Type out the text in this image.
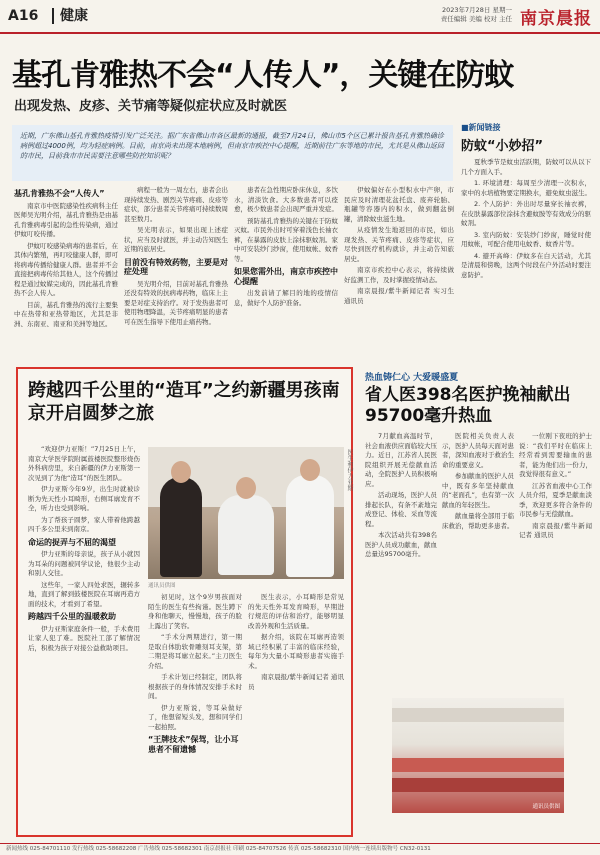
A16	健康	2023年7月28日 星期一
责任编辑 美编 校对 主任 南京晨报
基孔肯雅热不会“人传人”，关键在防蚊
出现发热、皮疹、关节痛等疑似症状应及时就医
近期，广东佛山基孔肯雅热疫情引发广泛关注。据广东省佛山市各区最新的通报，截至7月24日，佛山市5个区已累计报告基孔肯雅热确诊病例超过4000例，均为轻症病例。目前，南京尚未出现本地病例，但南京市疾控中心提醒，近期前往广东等地的市民，尤其是从佛山返回的市民，目前我市市民需要注意哪些防控知识呢？
基孔肯雅热不会“人传人”

南京市中医院感染性疾病科主任医师吴光明介绍，基孔肯雅热是由基孔肯雅病毒引起的急性传染病，通过伊蚊叮咬传播。

伊蚊叮咬感染病毒的患者后，在其体内繁殖，再叮咬健康人群，即可将病毒传播给健康人群。患者并不会直接把病毒传给其他人，这个传播过程是通过蚊媒完成的，因此基孔肯雅热不会人传人。

目前，基孔肯雅热的流行主要集中在热带和亚热带地区，尤其是非洲、东南亚、南亚和美洲等地区。

病程一般为一周左右，患者会出现持续发热、剧烈关节疼痛、皮疹等症状，部分患者关节疼痛可持续数周甚至数月。

吴光明表示，如果出现上述症状，应当及时就医，并主动告知医生近期的旅居史。

目前没有特效药物，主要是对症处理

吴光明介绍，目前对基孔肯雅热还没有特效的抗病毒药物，临床上主要是对症支持治疗。对于发热患者可使用物理降温，关节疼痛明显的患者可在医生指导下使用止痛药物。

患者在急性期应卧床休息，多饮水，清淡饮食。大多数患者可以痊愈，极少数患者会出现严重并发症。

预防基孔肯雅热的关键在于防蚊灭蚊。市民外出时可穿着浅色长袖衣裤，在暴露的皮肤上涂抹驱蚊剂。家中可安装纱门纱窗，使用蚊帐、蚊香等。

如果您需外出，南京市疾控中心提醒

出发前请了解目的地的疫情信息，做好个人防护准备。

伊蚊偏好在小型积水中产卵，市民应及时清理花盆托盘、废弃轮胎、瓶罐等容器内的积水，做到翻盆倒罐，清除蚊虫滋生地。

从疫情发生地返回的市民，如出现发热、关节疼痛、皮疹等症状，应尽快到医疗机构就诊，并主动告知旅居史。

南京市疾控中心表示，将持续做好监测工作，及时掌握疫情动态。

南京晨报/紫牛新闻记者 实习生 通讯员

■新闻链接
防蚊“小妙招”

夏秋季节是蚊虫活跃期，防蚊可以从以下几个方面入手。

1. 环境清理：每周至少清理一次积水，家中的水培植物要定期换水，避免蚊虫滋生。

2. 个人防护：外出时尽量穿长袖衣裤，在皮肤暴露部位涂抹含避蚊胺等有效成分的驱蚊剂。

3. 室内防蚊：安装纱门纱窗，睡觉时使用蚊帐，可配合使用电蚊香、蚊香片等。

4. 避开高峰：伊蚊多在白天活动，尤其是清晨和傍晚，这两个时段在户外活动时要注意防护。

跨越四千公里的“造耳”之约新疆男孩南京开启圆梦之旅

“欢迎伊力亚斯！”7月25日上午，南京大学医学院附属鼓楼医院整形烧伤外科病房里，来自新疆的伊力亚斯第一次见到了为他“造耳”的医生团队。

伊力亚斯今年9岁，出生时就被诊断为先天性小耳畸形，右侧耳廓发育不全，听力也受到影响。

为了帮孩子圆梦，家人带着他跨越四千多公里来到南京。

命运的捉弄与不屈的渴望

伊力亚斯的母亲说，孩子从小就因为耳朵的问题被同学议论，他很少主动和别人交往。

这些年，一家人四处求医，辗转多地，直到了解到鼓楼医院在耳廓再造方面的技术，才看到了希望。

跨越四千公里的温暖救助

伊力亚斯家庭条件一般，手术费用让家人犯了难。医院社工部了解情况后，积极为孩子对接公益救助项目。

医生和伊力亚斯
通讯员供图

初见时，这个9岁男孩面对陌生的医生有些拘谨。医生蹲下身和他聊天，慢慢地，孩子的脸上露出了笑容。

“手术分两期进行，第一期是取自体肋软骨雕刻耳支架，第二期是将耳廓立起来。”主刀医生介绍。

手术计划已经制定，团队将根据孩子的身体情况安排手术时间。

伊力亚斯说，等耳朵做好了，他想留短头发，想和同学们一起拍照。

“王牌技术”保驾，让小耳患者不留遗憾

医生表示，小耳畸形是常见的先天性外耳发育畸形，早期进行规范的评估和治疗，能够明显改善外观和生活质量。

据介绍，该院在耳廓再造领域已经积累了丰富的临床经验，每年为大量小耳畸形患者实施手术。

南京晨报/紫牛新闻记者 通讯员

热血铸仁心 大爱暖盛夏
省人医398名医护挽袖献出95700毫升热血

7月献血高温时节，社会血液供应面临较大压力。近日，江苏省人民医院组织开展无偿献血活动，全院医护人员积极响应。

活动现场，医护人员排起长队，有条不紊地完成登记、体检、采血等流程。

本次活动共有398名医护人员成功献血，献血总量达95700毫升。

医院相关负责人表示，医护人员每天面对患者，深知血液对于救治生命的重要意义。

参加献血的医护人员中，既有多年坚持献血的“老面孔”，也有第一次献血的年轻医生。

献血量将全部用于临床救治，帮助更多患者。

一位刚下夜班的护士说：“我们平时在临床上经常看到需要输血的患者，能为他们出一份力，我觉得很有意义。”

江苏省血液中心工作人员介绍，夏季是献血淡季，欢迎更多符合条件的市民参与无偿献血。

南京晨报/紫牛新闻记者 通讯员

通讯员供图
新闻热线 025-84701110 发行热线 025-58682208 广告热线 025-58682301 南京晨报社 印刷 025-84707526 传真 025-58682310 国内统一连续出版物号 CN32-0131
